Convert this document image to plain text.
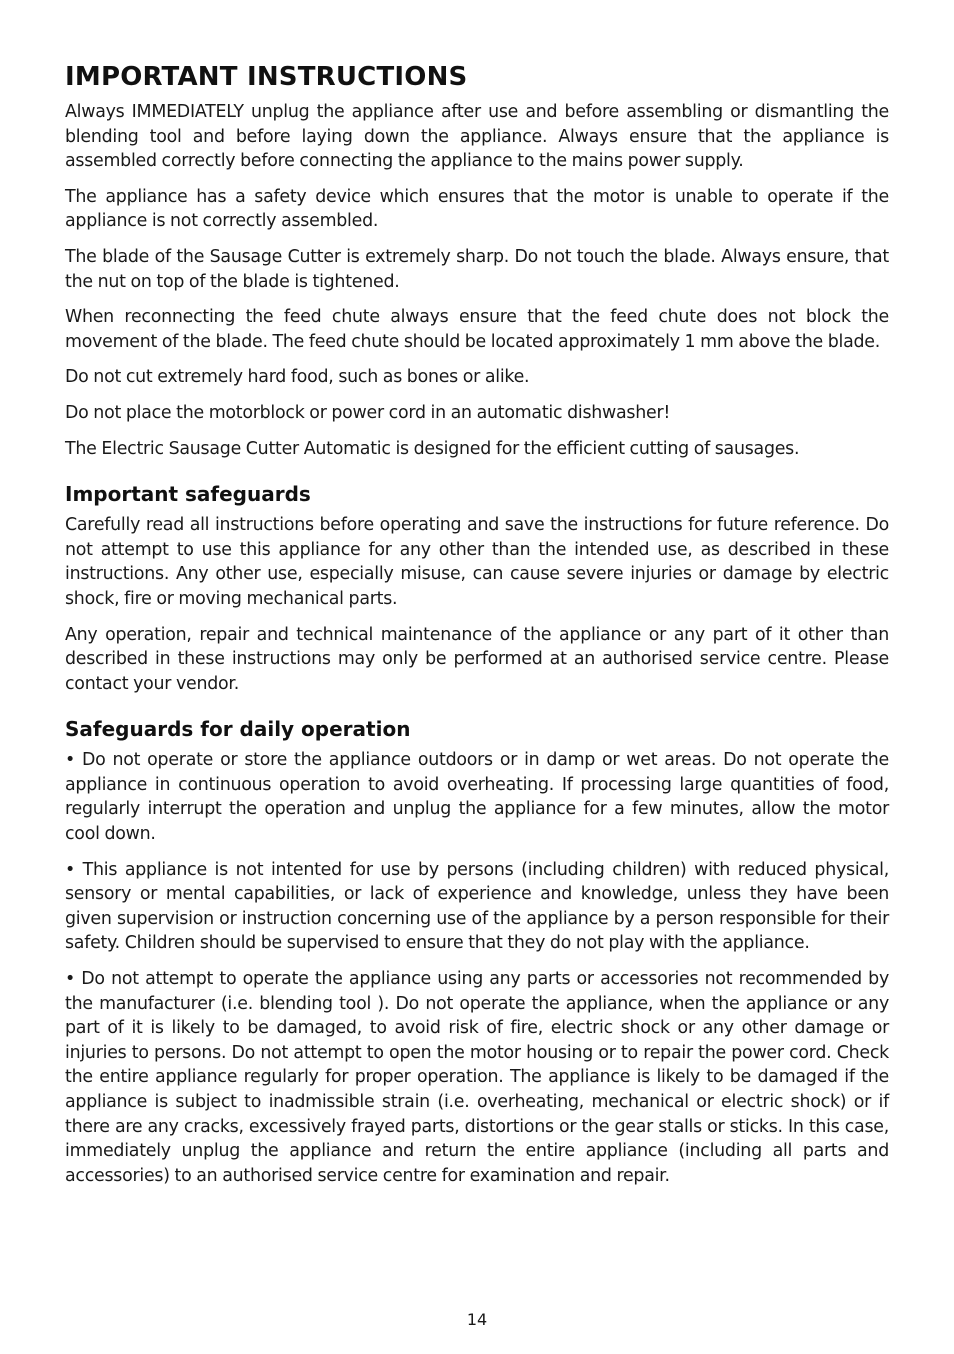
IMPORTANT INSTRUCTIONS

Always IMMEDIATELY unplug the appliance after use and before assembling or dismantling the blending tool and before laying down the appliance. Always ensure that the appliance is assembled correctly before connecting the appliance to the mains power supply.

The appliance has a safety device which ensures that the motor is unable to operate if the appliance is not correctly assembled.

The blade of the Sausage Cutter is extremely sharp. Do not touch the blade. Always ensure, that the nut on top of the blade is tightened.

When reconnecting the feed chute always ensure that the feed chute does not block the movement of the blade. The feed chute should be located approximately 1 mm above the blade.

Do not cut extremely hard food, such as bones or alike.

Do not place the motorblock or power cord in an automatic dishwasher!

The Electric Sausage Cutter Automatic is designed for the efficient cutting of sausages.

Important safeguards

Carefully read all instructions before operating and save the instructions for future reference. Do not attempt to use this appliance for any other than the intended use, as described in these instructions. Any other use, especially misuse, can cause severe injuries or damage by electric shock, fire or moving mechanical parts.

Any operation, repair and technical maintenance of the appliance or any part of it other than described in these instructions may only be performed at an authorised service centre. Please contact your vendor.

Safeguards for daily operation

• Do not operate or store the appliance outdoors or in damp or wet areas. Do not operate the appliance in continuous operation to avoid overheating. If processing large quantities of food, regularly interrupt the operation and unplug the appliance for a few minutes, allow the motor cool down.

• This appliance is not intented for use by persons (including children) with reduced physical, sensory or mental capabilities, or lack of experience and knowledge, unless they have been given supervision or instruction concerning use of the appliance by a person responsible for their safety. Children should be supervised to ensure that they do not play with the appliance.

• Do not attempt to operate the appliance using any parts or accessories not recommended by the manufacturer (i.e. blending tool ). Do not operate the appliance, when the appliance or any part of it is likely to be damaged, to avoid risk of fire, electric shock or any other damage or injuries to persons. Do not attempt to open the motor housing or to repair the power cord. Check the entire appliance regularly for proper operation. The appliance is likely to be damaged if the appliance is subject to inadmissible strain (i.e. overheating, mechanical or electric shock) or if there are any cracks, excessively frayed parts, distortions or the gear stalls or sticks. In this case, immediately unplug the appliance and return the entire appliance (including all parts and accessories) to an authorised service centre for examination and repair.

14
